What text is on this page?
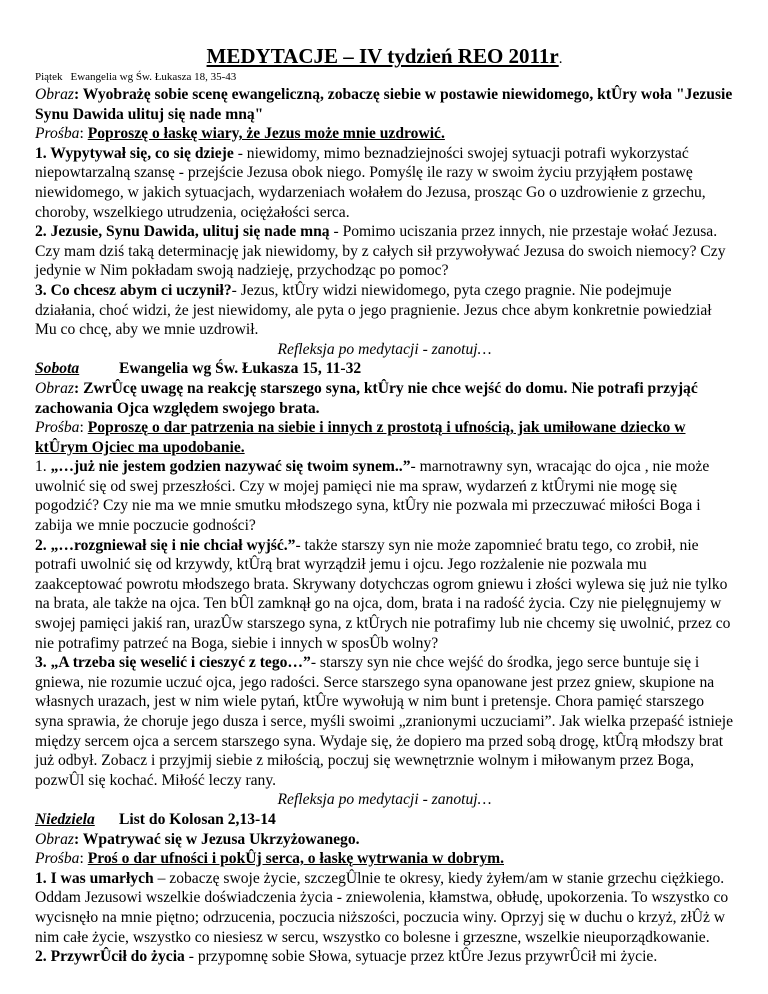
MEDYTACJE – IV tydzień REO 2011r.
Piątek Ewangelia wg Św. Łukasza 18, 35-43

Obraz: Wyobrażę sobie scenę ewangeliczną, zobaczę siebie w postawie niewidomego, ktÛry woła "Jezusie Synu Dawida ulituj się nade mną"

Prośba: Poproszę o łaskę wiary, że Jezus może mnie uzdrowić.

1. Wypytywał się, co się dzieje - niewidomy, mimo beznadziejności swojej sytuacji potrafi wykorzystać niepowtarzalną szansę - przejście Jezusa obok niego. Pomyślę ile razy w swoim życiu przyjąłem postawę niewidomego, w jakich sytuacjach, wydarzeniach wołałem do Jezusa, prosząc Go o uzdrowienie z grzechu, choroby, wszelkiego utrudzenia, ociężałości serca.

2. Jezusie, Synu Dawida, ulituj się nade mną - Pomimo uciszania przez innych, nie przestaje wołać Jezusa. Czy mam dziś taką determinację jak niewidomy, by z całych sił przywoływać Jezusa do swoich niemocy? Czy jedynie w Nim pokładam swoją nadzieję, przychodząc po pomoc?

3. Co chcesz abym ci uczynił?- Jezus, ktÛry widzi niewidomego, pyta czego pragnie. Nie podejmuje działania, choć widzi, że jest niewidomy, ale pyta o jego pragnienie. Jezus chce abym konkretnie powiedział Mu co chcę, aby we mnie uzdrowił.

Refleksja po medytacji - zanotuj…

Sobota	Ewangelia wg Św. Łukasza 15, 11-32

Obraz: ZwrÛcę uwagę na reakcję starszego syna, ktÛry nie chce wejść do domu. Nie potrafi przyjąć zachowania Ojca względem swojego brata.

Prośba: Poproszę o dar patrzenia na siebie i innych z prostotą i ufnością, jak umiłowane dziecko w ktÛrym Ojciec ma upodobanie.

1. „…już nie jestem godzien nazywać się twoim synem..”- marnotrawny syn, wracając do ojca , nie może uwolnić się od swej przeszłości. Czy w mojej pamięci nie ma spraw, wydarzeń z ktÛrymi nie mogę się pogodzić? Czy nie ma we mnie smutku młodszego syna, ktÛry nie pozwala mi przeczuwać miłości Boga i zabija we mnie poczucie godności?

2. „…rozgniewał się i nie chciał wyjść.”- także starszy syn nie może zapomnieć bratu tego, co zrobił, nie potrafi uwolnić się od krzywdy, ktÛrą brat wyrządził jemu i ojcu. Jego rozżalenie nie pozwala mu zaakceptować powrotu młodszego brata. Skrywany dotychczas ogrom gniewu i złości wylewa się już nie tylko na brata, ale także na ojca. Ten bÛl zamknął go na ojca, dom, brata i na radość życia. Czy nie pielęgnujemy w swojej pamięci jakiś ran, urazÛw starszego syna, z ktÛrych nie potrafimy lub nie chcemy się uwolnić, przez co nie potrafimy patrzeć na Boga, siebie i innych w sposÛb wolny?

3. „A trzeba się weselić i cieszyć z tego…”- starszy syn nie chce wejść do środka, jego serce buntuje się i gniewa, nie rozumie uczuć ojca, jego radości. Serce starszego syna opanowane jest przez gniew, skupione na własnych urazach, jest w nim wiele pytań, ktÛre wywołują w nim bunt i pretensje. Chora pamięć starszego syna sprawia, że choruje jego dusza i serce, myśli swoimi „zranionymi uczuciami”. Jak wielka przepaść istnieje między sercem ojca a sercem starszego syna. Wydaje się, że dopiero ma przed sobą drogę, ktÛrą młodszy brat już odbył. Zobacz i przyjmij siebie z miłością, poczuj się wewnętrznie wolnym i miłowanym przez Boga, pozwÛl się kochać. Miłość leczy rany.

Refleksja po medytacji - zanotuj…

Niedziela List do Kolosan 2,13-14

Obraz: Wpatrywać się w Jezusa Ukrzyżowanego.

Prośba: Proś o dar ufności i pokÛj serca, o łaskę wytrwania w dobrym.

1. I was umarłych – zobaczę swoje życie, szczegÛlnie te okresy, kiedy żyłem/am w stanie grzechu ciężkiego. Oddam Jezusowi wszelkie doświadczenia życia - zniewolenia, kłamstwa, obłudę, upokorzenia. To wszystko co wycisnęło na mnie piętno; odrzucenia, poczucia niższości, poczucia winy. Oprzyj się w duchu o krzyż, złÛż w nim całe życie, wszystko co niesiesz w sercu, wszystko co bolesne i grzeszne, wszelkie nieuporządkowanie.

2. PrzywrÛcił do życia - przypomnę sobie Słowa, sytuacje przez ktÛre Jezus przywrÛcił mi życie.
